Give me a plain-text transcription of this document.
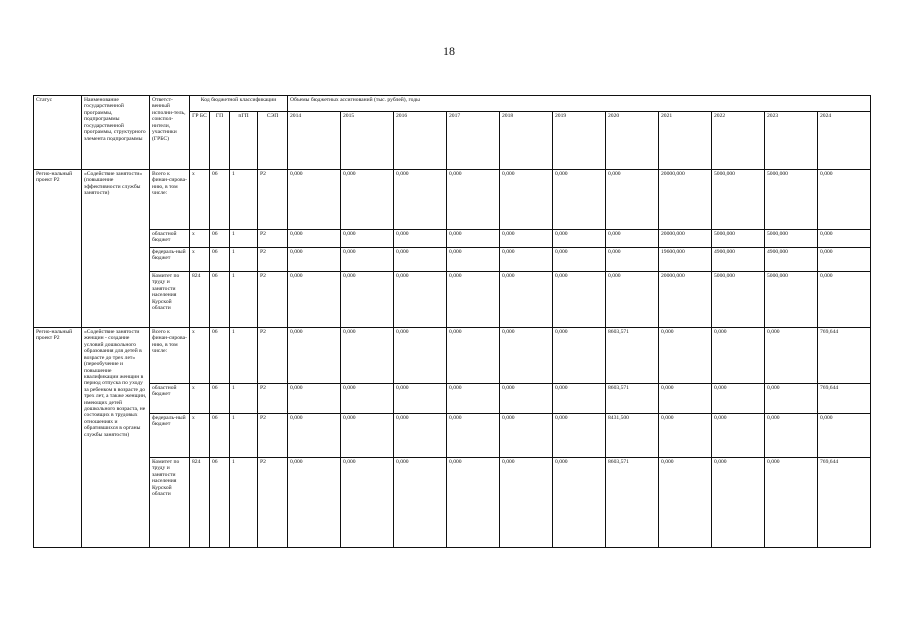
18
Статус	Наименование государственной программы, подпрограммы государственной программы, структурного элемента подпрограммы	Ответст-венный исполни-тель, соиспол-нители, участники (ГРБС)	Код бюджетной классификации				Объемы бюджетных ассигнований (тыс. рублей), годы										
			ГР БС	ГП	пГП	СЭП	2014	2015	2016	2017	2018	2019	2020	2021	2022	2023	2024
Регио-нальный проект Р2	«Содействие занятости» (повышение эффективности службы занятости)	Всего к финан-сирова-нию, в том числе:	х	06	1	Р2	0,000	0,000	0,000	0,000	0,000	0,000	0,000	20000,000	5000,000	5000,000	0,000
		областной бюджет	х	06	1	Р2	0,000	0,000	0,000	0,000	0,000	0,000	0,000	20000,000	5000,000	5000,000	0,000
		федераль-ный бюджет	х	06	1	Р2	0,000	0,000	0,000	0,000	0,000	0,000	0,000	19600,000	4900,000	4900,000	0,000
		Комитет по труду и занятости населения Курской области	824	06	1	Р2	0,000	0,000	0,000	0,000	0,000	0,000	0,000	20000,000	5000,000	5000,000	0,000
Регио-нальный проект Р2	«Содействие занятости женщин - создание условий дошкольного образования для детей в возрасте до трех лет» (переобучение и повышение квалификации женщин в период отпуска по уходу за ребенком в возрасте до трех лет, а также женщин, имеющих детей дошкольного возраста, не состоящих в трудовых отношениях и обратившихся в органы службы занятости)	Всего к финан-сирова-нию, в том числе:	х	06	1	Р2	0,000	0,000	0,000	0,000	0,000	0,000	8603,571	0,000	0,000	0,000	769,644
		областной бюджет	х	06	1	Р2	0,000	0,000	0,000	0,000	0,000	0,000	8603,571	0,000	0,000	0,000	769,644
		федераль-ный бюджет	х	06	1	Р2	0,000	0,000	0,000	0,000	0,000	0,000	8431,500	0,000	0,000	0,000	0,000
		Комитет по труду и занятости населения Курской области	824	06	1	Р2	0,000	0,000	0,000	0,000	0,000	0,000	8603,571	0,000	0,000	0,000	769,644
